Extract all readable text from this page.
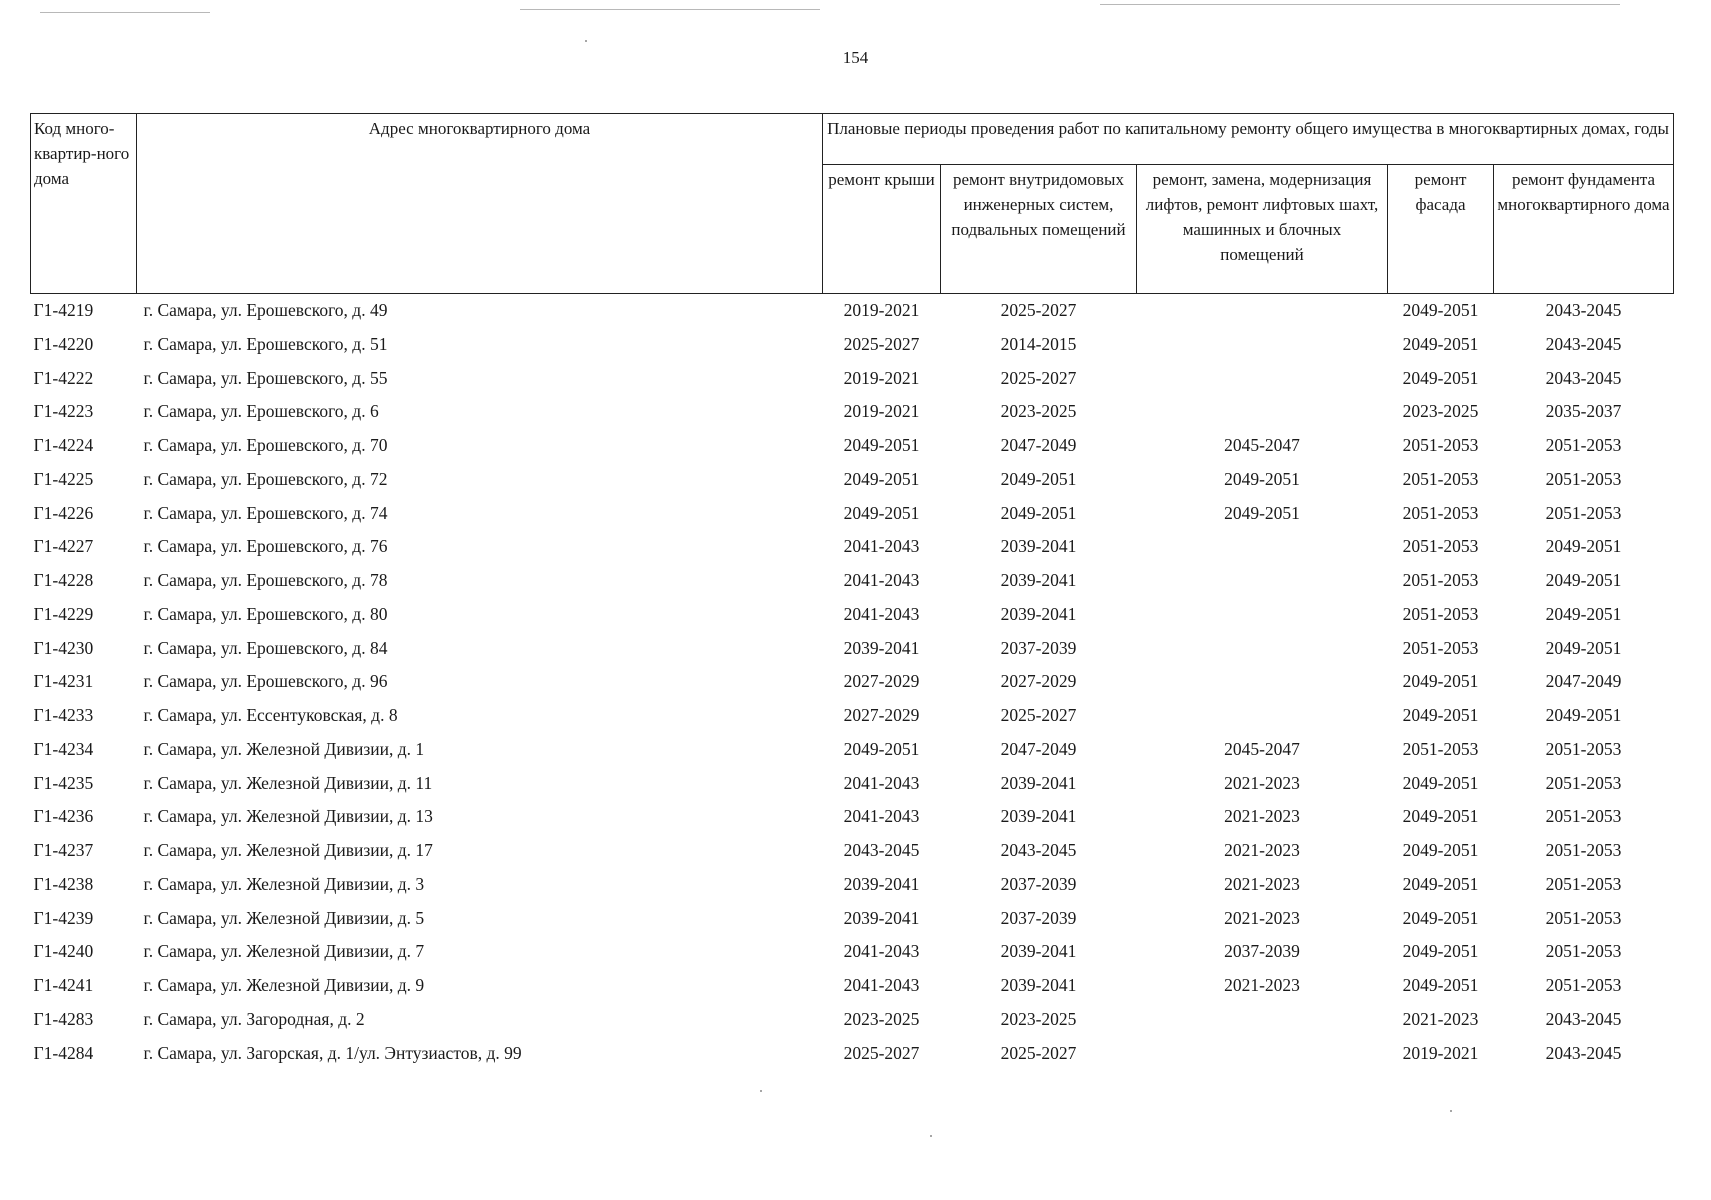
154
Код много-квартир-ного дома	Адрес многоквартирного дома	Плановые периоды проведения работ по капитальному ремонту общего имущества в многоквартирных домах, годы				
		ремонт крыши	ремонт внутридомовых инженерных систем, подвальных помещений	ремонт, замена, модернизация лифтов, ремонт лифтовых шахт, машинных и блочных помещений	ремонт фасада	ремонт фундамента многоквартирного дома
Г1-4219	г. Самара, ул. Ерошевского, д. 49	2019-2021	2025-2027		2049-2051	2043-2045
Г1-4220	г. Самара, ул. Ерошевского, д. 51	2025-2027	2014-2015		2049-2051	2043-2045
Г1-4222	г. Самара, ул. Ерошевского, д. 55	2019-2021	2025-2027		2049-2051	2043-2045
Г1-4223	г. Самара, ул. Ерошевского, д. 6	2019-2021	2023-2025		2023-2025	2035-2037
Г1-4224	г. Самара, ул. Ерошевского, д. 70	2049-2051	2047-2049	2045-2047	2051-2053	2051-2053
Г1-4225	г. Самара, ул. Ерошевского, д. 72	2049-2051	2049-2051	2049-2051	2051-2053	2051-2053
Г1-4226	г. Самара, ул. Ерошевского, д. 74	2049-2051	2049-2051	2049-2051	2051-2053	2051-2053
Г1-4227	г. Самара, ул. Ерошевского, д. 76	2041-2043	2039-2041		2051-2053	2049-2051
Г1-4228	г. Самара, ул. Ерошевского, д. 78	2041-2043	2039-2041		2051-2053	2049-2051
Г1-4229	г. Самара, ул. Ерошевского, д. 80	2041-2043	2039-2041		2051-2053	2049-2051
Г1-4230	г. Самара, ул. Ерошевского, д. 84	2039-2041	2037-2039		2051-2053	2049-2051
Г1-4231	г. Самара, ул. Ерошевского, д. 96	2027-2029	2027-2029		2049-2051	2047-2049
Г1-4233	г. Самара, ул. Ессентуковская, д. 8	2027-2029	2025-2027		2049-2051	2049-2051
Г1-4234	г. Самара, ул. Железной Дивизии, д. 1	2049-2051	2047-2049	2045-2047	2051-2053	2051-2053
Г1-4235	г. Самара, ул. Железной Дивизии, д. 11	2041-2043	2039-2041	2021-2023	2049-2051	2051-2053
Г1-4236	г. Самара, ул. Железной Дивизии, д. 13	2041-2043	2039-2041	2021-2023	2049-2051	2051-2053
Г1-4237	г. Самара, ул. Железной Дивизии, д. 17	2043-2045	2043-2045	2021-2023	2049-2051	2051-2053
Г1-4238	г. Самара, ул. Железной Дивизии, д. 3	2039-2041	2037-2039	2021-2023	2049-2051	2051-2053
Г1-4239	г. Самара, ул. Железной Дивизии, д. 5	2039-2041	2037-2039	2021-2023	2049-2051	2051-2053
Г1-4240	г. Самара, ул. Железной Дивизии, д. 7	2041-2043	2039-2041	2037-2039	2049-2051	2051-2053
Г1-4241	г. Самара, ул. Железной Дивизии, д. 9	2041-2043	2039-2041	2021-2023	2049-2051	2051-2053
Г1-4283	г. Самара, ул. Загородная, д. 2	2023-2025	2023-2025		2021-2023	2043-2045
Г1-4284	г. Самара, ул. Загорская, д. 1/ул. Энтузиастов, д. 99	2025-2027	2025-2027		2019-2021	2043-2045
